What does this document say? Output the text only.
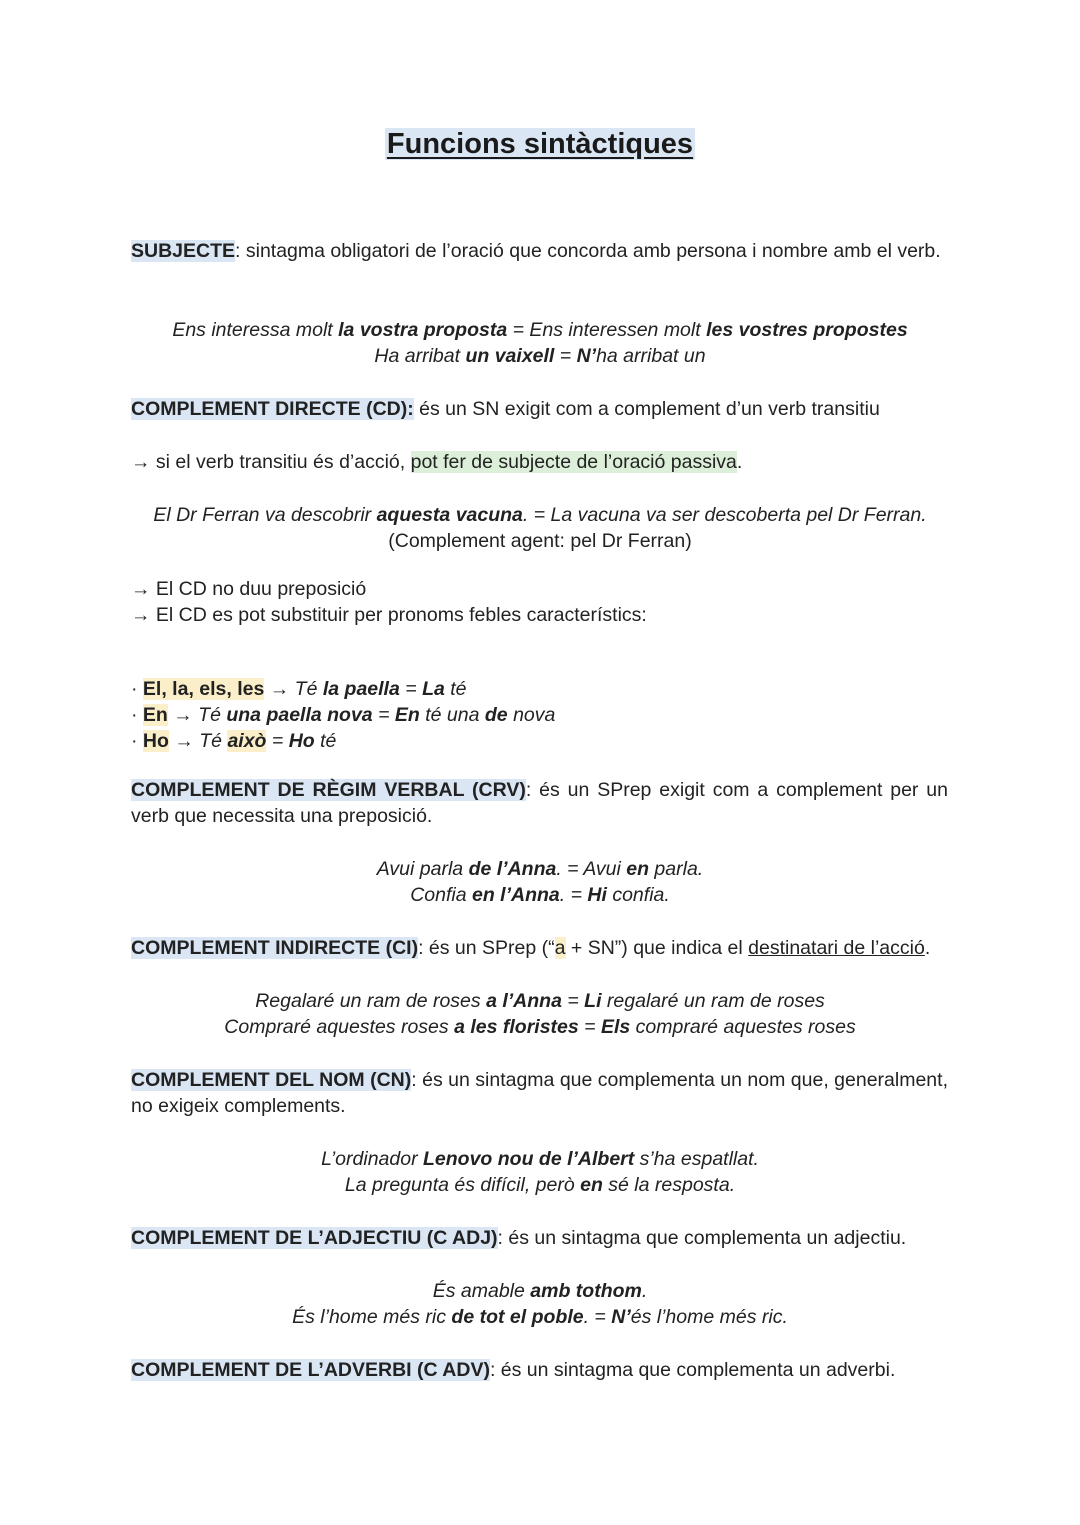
Funcions sintàctiques
SUBJECTE: sintagma obligatori de l’oració que concorda amb persona i nombre amb el verb.
Ens interessa molt la vostra proposta = Ens interessen molt les vostres propostes
Ha arribat un vaixell = N’ha arribat un
COMPLEMENT DIRECTE (CD): és un SN exigit com a complement d’un verb transitiu
→ si el verb transitiu és d’acció, pot fer de subjecte de l’oració passiva.
El Dr Ferran va descobrir aquesta vacuna. = La vacuna va ser descoberta pel Dr Ferran.
(Complement agent: pel Dr Ferran)
→ El CD no duu preposició
→ El CD es pot substituir per pronoms febles característics:
· El, la, els, les → Té la paella = La té
· En → Té una paella nova = En té una de nova
· Ho → Té això = Ho té
COMPLEMENT DE RÈGIM VERBAL (CRV): és un SPrep exigit com a complement per un verb que necessita una preposició.
Avui parla de l’Anna. = Avui en parla.
Confia en l’Anna. = Hi confia.
COMPLEMENT INDIRECTE (CI): és un SPrep (“a + SN”) que indica el destinatari de l’acció.
Regalaré un ram de roses a l’Anna = Li regalaré un ram de roses
Compraré aquestes roses a les floristes = Els compraré aquestes roses
COMPLEMENT DEL NOM (CN): és un sintagma que complementa un nom que, generalment, no exigeix complements.
L’ordinador Lenovo nou de l’Albert s’ha espatllat.
La pregunta és difícil, però en sé la resposta.
COMPLEMENT DE L’ADJECTIU (C ADJ): és un sintagma que complementa un adjectiu.
És amable amb tothom.
És l’home més ric de tot el poble. = N’és l’home més ric.
COMPLEMENT DE L’ADVERBI (C ADV): és un sintagma que complementa un adverbi.
